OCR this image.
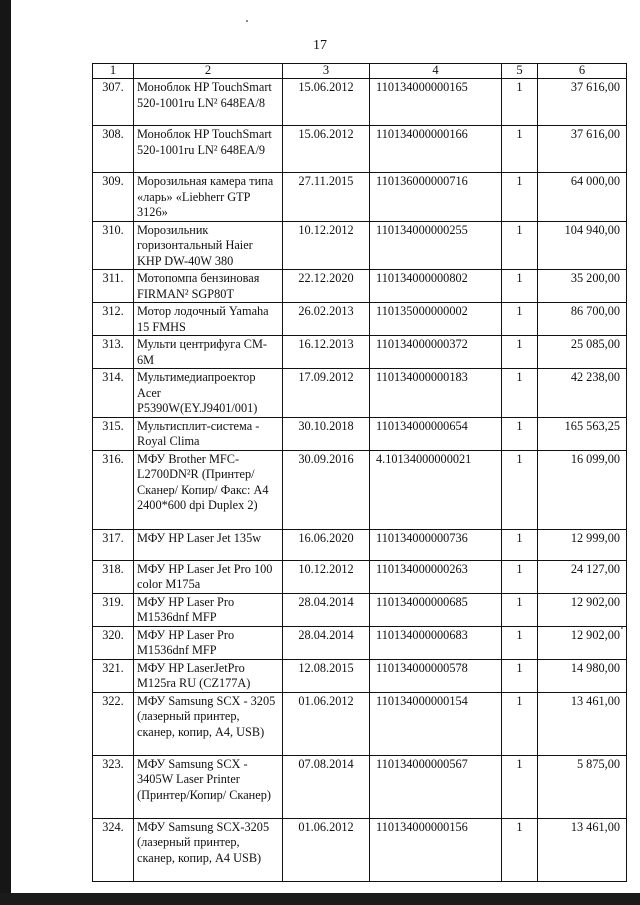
17
1	2	3	4	5	6
307.	Моноблок HP TouchSmart 520-1001ru LN² 648EA/8	15.06.2012	110134000000165	1	37 616,00
308.	Моноблок HP TouchSmart 520-1001ru LN² 648EA/9	15.06.2012	110134000000166	1	37 616,00
309.	Морозильная камера типа «ларь» «Liebherr GTP 3126»	27.11.2015	110136000000716	1	64 000,00
310.	Морозильник горизонтальный Haier KHP DW-40W 380	10.12.2012	110134000000255	1	104 940,00
311.	Мотопомпа бензиновая FIRMAN² SGP80T	22.12.2020	110134000000802	1	35 200,00
312.	Мотор лодочный Yamaha 15 FMHS	26.02.2013	110135000000002	1	86 700,00
313.	Мульти центрифуга CM-6M	16.12.2013	110134000000372	1	25 085,00
314.	Мультимедиапроектор Acer P5390W(EY.J9401/001)	17.09.2012	110134000000183	1	42 238,00
315.	Мультисплит-система - Royal Clima	30.10.2018	110134000000654	1	165 563,25
316.	МФУ Brother MFC-L2700DN²R (Принтер/ Сканер/ Копир/ Факс: А4 2400*600 dpi Duplex 2)	30.09.2016	4.10134000000021	1	16 099,00
317.	МФУ HP Laser Jet 135w	16.06.2020	110134000000736	1	12 999,00
318.	МФУ HP Laser Jet Pro 100 color M175a	10.12.2012	110134000000263	1	24 127,00
319.	МФУ HP Laser Pro M1536dnf MFP	28.04.2014	110134000000685	1	12 902,00
320.	МФУ HP Laser Pro M1536dnf MFP	28.04.2014	110134000000683	1	12 902,00
321.	МФУ HP LaserJetPro M125ra RU (CZ177A)	12.08.2015	110134000000578	1	14 980,00
322.	МФУ Samsung SCX - 3205 (лазерный принтер, сканер, копир, А4, USB)	01.06.2012	110134000000154	1	13 461,00
323.	МФУ Samsung SCX - 3405W Laser Printer (Принтер/Копир/ Сканер)	07.08.2014	110134000000567	1	5 875,00
324.	МФУ Samsung SCX-3205 (лазерный принтер, сканер, копир, А4 USB)	01.06.2012	110134000000156	1	13 461,00
